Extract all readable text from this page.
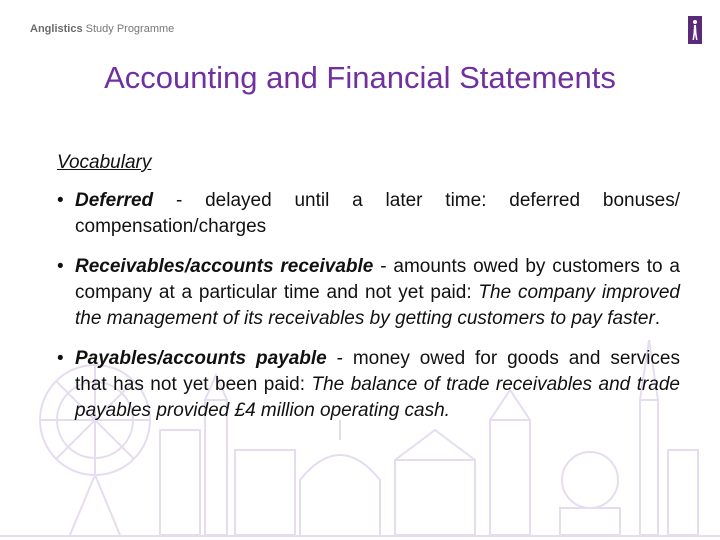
Anglistics Study Programme
Accounting and Financial Statements
Vocabulary
• Deferred - delayed until a later time: deferred bonuses/ compensation/charges
• Receivables/accounts receivable - amounts owed by customers to a company at a particular time and not yet paid: The company improved the management of its receivables by getting customers to pay faster.
• Payables/accounts payable - money owed for goods and services that has not yet been paid: The balance of trade receivables and trade payables provided £4 million operating cash.
